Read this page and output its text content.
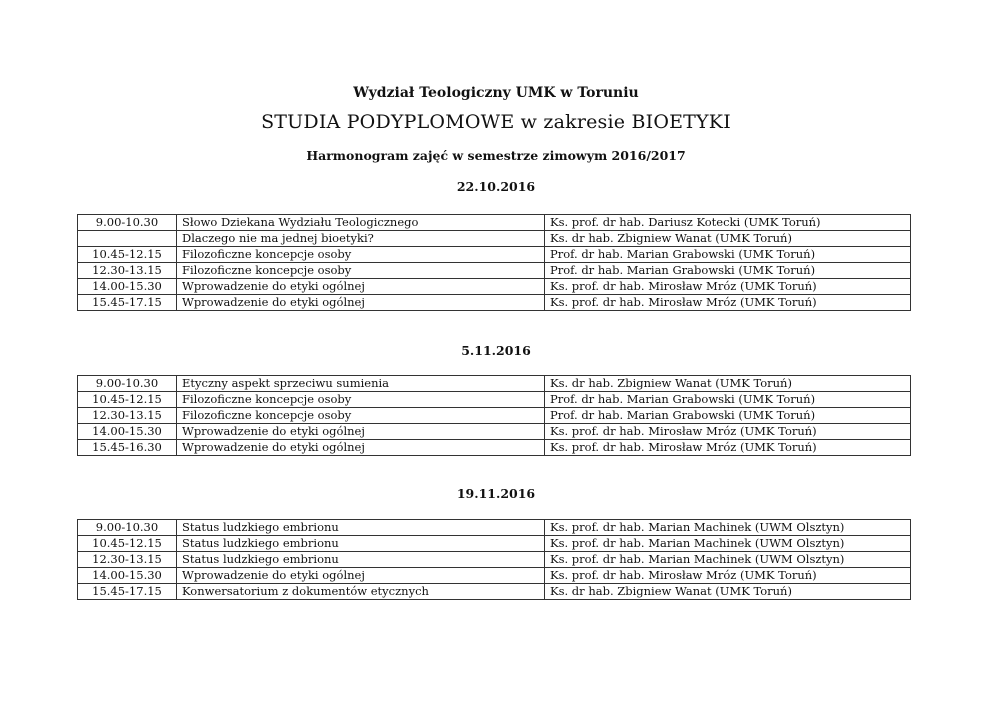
Wydział Teologiczny UMK w Toruniu
STUDIA PODYPLOMOWE w zakresie BIOETYKI
Harmonogram zajęć w semestrze zimowym 2016/2017
22.10.2016
9.00-10.30	Słowo Dziekana Wydziału Teologicznego	Ks. prof. dr hab. Dariusz Kotecki (UMK Toruń)
	Dlaczego nie ma jednej bioetyki?	Ks. dr hab. Zbigniew Wanat (UMK Toruń)
10.45-12.15	Filozoficzne koncepcje osoby	Prof. dr hab. Marian Grabowski (UMK Toruń)
12.30-13.15	Filozoficzne koncepcje osoby	Prof. dr hab. Marian Grabowski (UMK Toruń)
14.00-15.30	Wprowadzenie do etyki ogólnej	Ks. prof. dr hab. Mirosław Mróz (UMK Toruń)
15.45-17.15	Wprowadzenie do etyki ogólnej	Ks. prof. dr hab. Mirosław Mróz (UMK Toruń)
5.11.2016
9.00-10.30	Etyczny aspekt sprzeciwu sumienia	Ks. dr hab. Zbigniew Wanat (UMK Toruń)
10.45-12.15	Filozoficzne koncepcje osoby	Prof. dr hab. Marian Grabowski (UMK Toruń)
12.30-13.15	Filozoficzne koncepcje osoby	Prof. dr hab. Marian Grabowski (UMK Toruń)
14.00-15.30	Wprowadzenie do etyki ogólnej	Ks. prof. dr hab. Mirosław Mróz (UMK Toruń)
15.45-16.30	Wprowadzenie do etyki ogólnej	Ks. prof. dr hab. Mirosław Mróz (UMK Toruń)
19.11.2016
9.00-10.30	Status ludzkiego embrionu	Ks. prof. dr hab. Marian Machinek (UWM Olsztyn)
10.45-12.15	Status ludzkiego embrionu	Ks. prof. dr hab. Marian Machinek (UWM Olsztyn)
12.30-13.15	Status ludzkiego embrionu	Ks. prof. dr hab. Marian Machinek (UWM Olsztyn)
14.00-15.30	Wprowadzenie do etyki ogólnej	Ks. prof. dr hab. Mirosław Mróz (UMK Toruń)
15.45-17.15	Konwersatorium z dokumentów etycznych	Ks. dr hab. Zbigniew Wanat (UMK Toruń)
